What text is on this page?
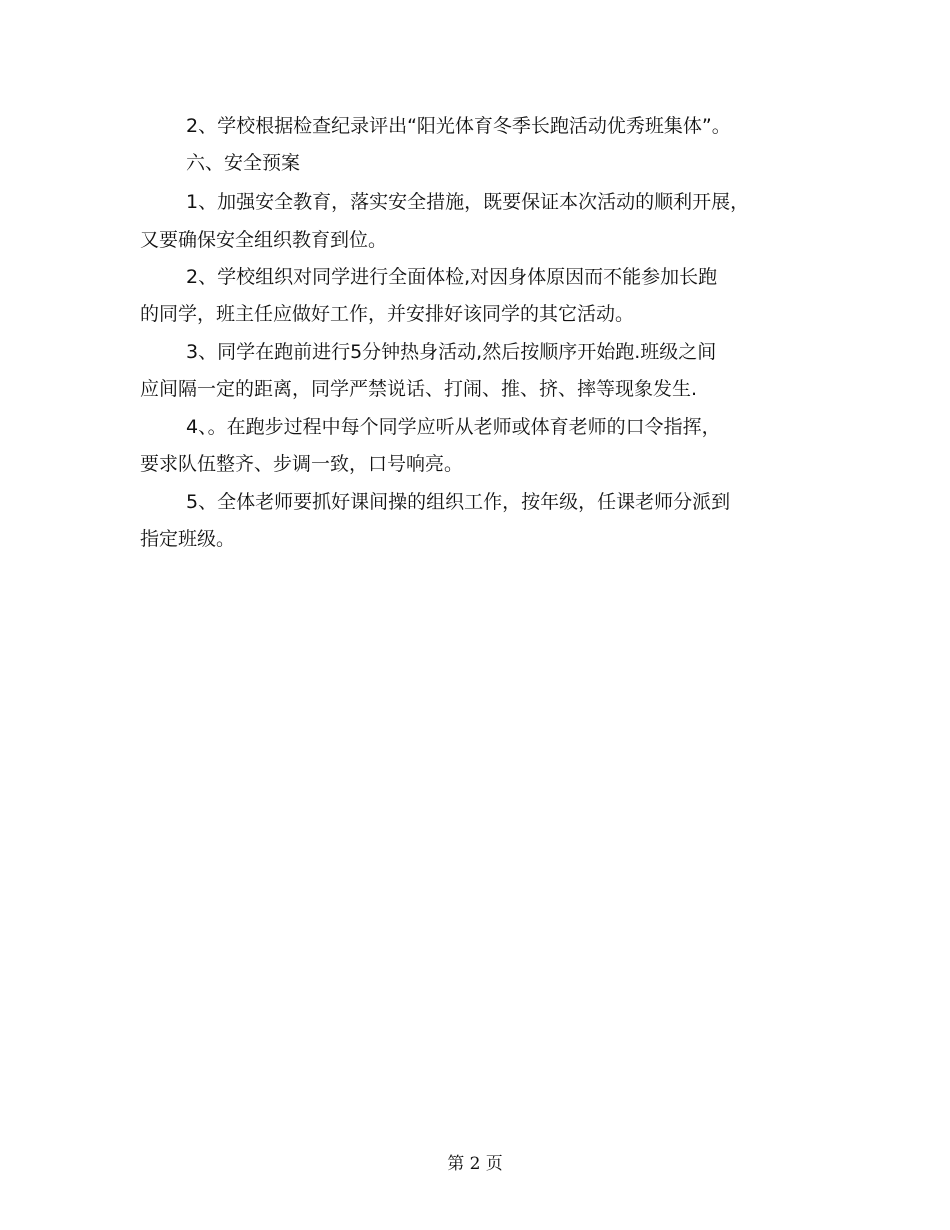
2、学校根据检查纪录评出“阳光体育冬季长跑活动优秀班集体”。
六、安全预案
1、加强安全教育，落实安全措施，既要保证本次活动的顺利开展，
又要确保安全组织教育到位。
2、学校组织对同学进行全面体检,对因身体原因而不能参加长跑
的同学，班主任应做好工作，并安排好该同学的其它活动。
3、同学在跑前进行5分钟热身活动,然后按顺序开始跑.班级之间
应间隔一定的距离，同学严禁说话、打闹、推、挤、摔等现象发生.
4、。在跑步过程中每个同学应听从老师或体育老师的口令指挥，
要求队伍整齐、步调一致，口号响亮。
5、全体老师要抓好课间操的组织工作，按年级，任课老师分派到
指定班级。
第 2 页
